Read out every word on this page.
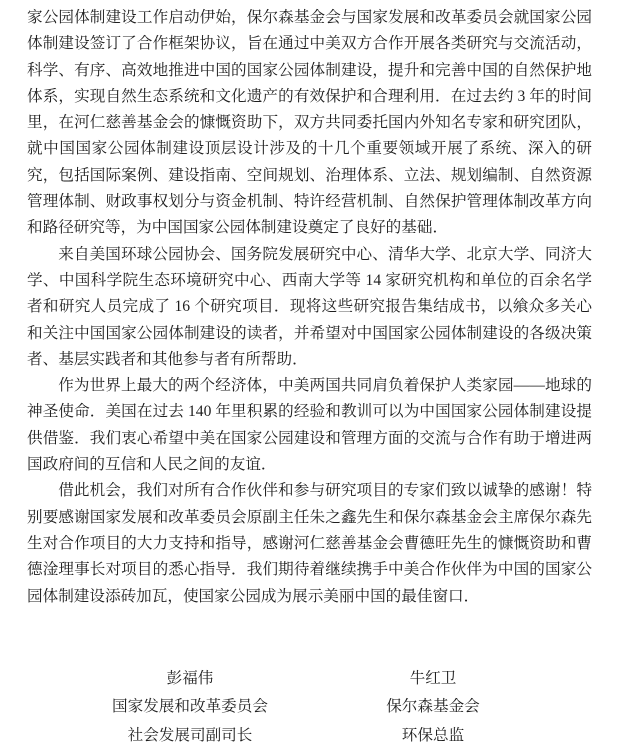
家公园体制建设工作启动伊始，保尔森基金会与国家发展和改革委员会就国家公园体制建设签订了合作框架协议，旨在通过中美双方合作开展各类研究与交流活动，科学、有序、高效地推进中国的国家公园体制建设，提升和完善中国的自然保护地体系，实现自然生态系统和文化遗产的有效保护和合理利用．在过去约 3 年的时间里，在河仁慈善基金会的慷慨资助下，双方共同委托国内外知名专家和研究团队，就中国国家公园体制建设顶层设计涉及的十几个重要领域开展了系统、深入的研究，包括国际案例、建设指南、空间规划、治理体系、立法、规划编制、自然资源管理体制、财政事权划分与资金机制、特许经营机制、自然保护管理体制改革方向和路径研究等，为中国国家公园体制建设奠定了良好的基础．

来自美国环球公园协会、国务院发展研究中心、清华大学、北京大学、同济大学、中国科学院生态环境研究中心、西南大学等 14 家研究机构和单位的百余名学者和研究人员完成了 16 个研究项目．现将这些研究报告集结成书，以飨众多关心和关注中国国家公园体制建设的读者，并希望对中国国家公园体制建设的各级决策者、基层实践者和其他参与者有所帮助．

作为世界上最大的两个经济体，中美两国共同肩负着保护人类家园——地球的神圣使命．美国在过去 140 年里积累的经验和教训可以为中国国家公园体制建设提供借鉴．我们衷心希望中美在国家公园建设和管理方面的交流与合作有助于增进两国政府间的互信和人民之间的友谊．

借此机会，我们对所有合作伙伴和参与研究项目的专家们致以诚挚的感谢！特别要感谢国家发展和改革委员会原副主任朱之鑫先生和保尔森基金会主席保尔森先生对合作项目的大力支持和指导，感谢河仁慈善基金会曹德旺先生的慷慨资助和曹德淦理事长对项目的悉心指导．我们期待着继续携手中美合作伙伴为中国的国家公园体制建设添砖加瓦，使国家公园成为展示美丽中国的最佳窗口．

彭福伟
国家发展和改革委员会
社会发展司副司长
牛红卫
保尔森基金会
环保总监
